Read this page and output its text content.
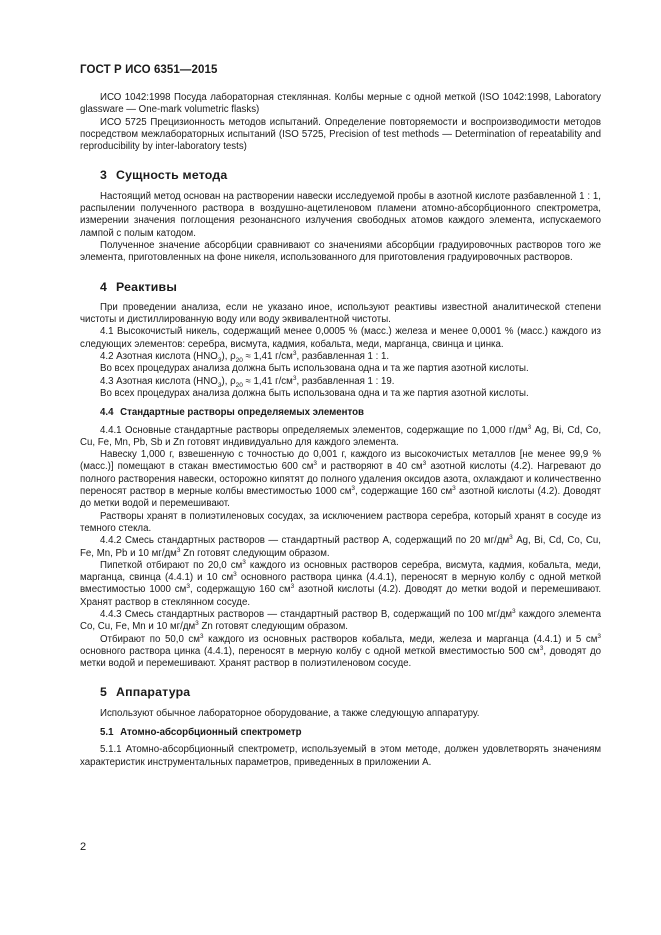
ГОСТ Р ИСО 6351—2015

ИСО 1042:1998 Посуда лабораторная стеклянная. Колбы мерные с одной меткой (ISO 1042:1998, Laboratory glassware — One-mark volumetric flasks)

ИСО 5725 Прецизионность методов испытаний. Определение повторяемости и воспроизводимости методов посредством межлабораторных испытаний (ISO 5725, Precision of test methods — Determination of repeatability and reproducibility by inter-laboratory tests)

3 Сущность метода

Настоящий метод основан на растворении навески исследуемой пробы в азотной кислоте разбавленной 1 : 1, распылении полученного раствора в воздушно-ацетиленовом пламени атомно-абсорбционного спектрометра, измерении значения поглощения резонансного излучения свободных атомов каждого элемента, испускаемого лампой с полым катодом.

Полученное значение абсорбции сравнивают со значениями абсорбции градуировочных растворов того же элемента, приготовленных на фоне никеля, использованного для приготовления градуировочных растворов.

4 Реактивы

При проведении анализа, если не указано иное, используют реактивы известной аналитической степени чистоты и дистиллированную воду или воду эквивалентной чистоты.

4.1 Высокочистый никель, содержащий менее 0,0005 % (масс.) железа и менее 0,0001 % (масс.) каждого из следующих элементов: серебра, висмута, кадмия, кобальта, меди, марганца, свинца и цинка.

4.2 Азотная кислота $(HNO_3)$, $\rho_{20} \approx 1,41$ $г/см^3$, разбавленная 1 : 1.

Во всех процедурах анализа должна быть использована одна и та же партия азотной кислоты.

4.3 Азотная кислота $(HNO_3)$, $\rho_{20} \approx 1,41$ $г/см^3$, разбавленная 1 : 19.

Во всех процедурах анализа должна быть использована одна и та же партия азотной кислоты.

4.4 Стандартные растворы определяемых элементов

4.4.1 Основные стандартные растворы определяемых элементов, содержащие по 1,000 $г/дм^3$ Ag, Bi, Cd, Co, Cu, Fe, Mn, Pb, Sb и Zn готовят индивидуально для каждого элемента.

Навеску 1,000 г, взвешенную с точностью до 0,001 г, каждого из высокочистых металлов [не менее 99,9 % (масс.)] помещают в стакан вместимостью 600 $см^3$ и растворяют в 40 $см^3$ азотной кислоты (4.2). Нагревают до полного растворения навески, осторожно кипятят до полного удаления оксидов азота, охлаждают и количественно переносят раствор в мерные колбы вместимостью 1000 $см^3$, содержащие 160 $см^3$ азотной кислоты (4.2). Доводят до метки водой и перемешивают.

Растворы хранят в полиэтиленовых сосудах, за исключением раствора серебра, который хранят в сосуде из темного стекла.

4.4.2 Смесь стандартных растворов — стандартный раствор А, содержащий по 20 $мг/дм^3$ Ag, Bi, Cd, Co, Cu, Fe, Mn, Pb и 10 $мг/дм^3$ Zn готовят следующим образом.

Пипеткой отбирают по 20,0 $см^3$ каждого из основных растворов серебра, висмута, кадмия, кобальта, меди, марганца, свинца (4.4.1) и 10 $см^3$ основного раствора цинка (4.4.1), переносят в мерную колбу с одной меткой вместимостью 1000 $см^3$, содержащую 160 $см^3$ азотной кислоты (4.2). Доводят до метки водой и перемешивают. Хранят раствор в стеклянном сосуде.

4.4.3 Смесь стандартных растворов — стандартный раствор В, содержащий по 100 $мг/дм^3$ каждого элемента Co, Cu, Fe, Mn и 10 $мг/дм^3$ Zn готовят следующим образом.

Отбирают по 50,0 $см^3$ каждого из основных растворов кобальта, меди, железа и марганца (4.4.1) и 5 $см^3$ основного раствора цинка (4.4.1), переносят в мерную колбу с одной меткой вместимостью 500 $см^3$, доводят до метки водой и перемешивают. Хранят раствор в полиэтиленовом сосуде.

5 Аппаратура

Используют обычное лабораторное оборудование, а также следующую аппаратуру.

5.1 Атомно-абсорбционный спектрометр

5.1.1 Атомно-абсорбционный спектрометр, используемый в этом методе, должен удовлетворять значениям характеристик инструментальных параметров, приведенных в приложении А.

2
